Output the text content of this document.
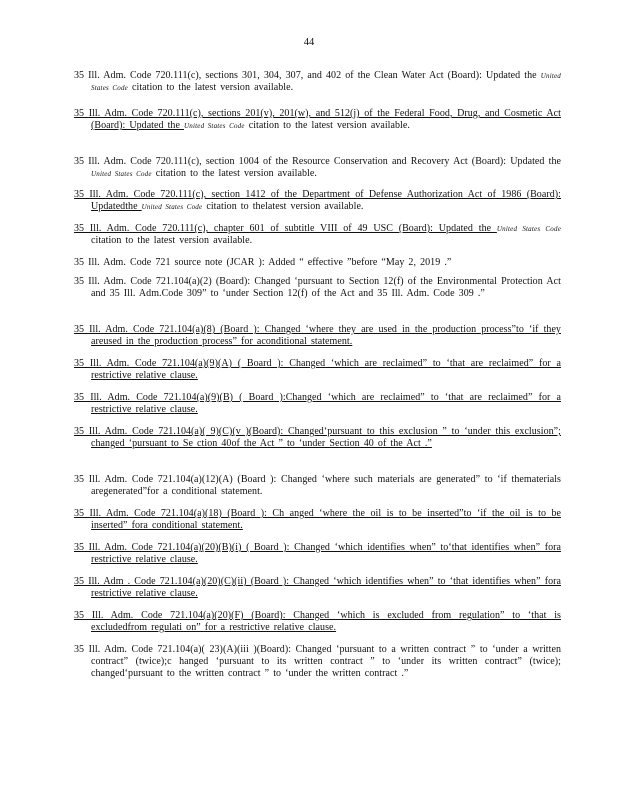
44
35 Ill. Adm. Code 720.111(c), sections 301, 304, 307, and 402 of the Clean Water Act (Board): Updated the United States Code citation to the latest version available.
35 Ill. Adm. Code 720.111(c), sections 201(v), 201(w), and 512(j) of the Federal Food, Drug, and Cosmetic Act (Board): Updated the United States Code citation to the latest version available.
35 Ill. Adm. Code 720.111(c), section 1004 of the Resource Conservation and Recovery Act (Board): Updated the United States Code citation to the latest version available.
35 Ill. Adm. Code 720.111(c), section 1412 of the Department of Defense Authorization Act of 1986 (Board): Updatedthe United States Code citation to thelatest version available.
35 Ill. Adm. Code 720.111(c), chapter 601 of subtitle VIII of 49 USC (Board): Updated the United States Code citation to the latest version available.
35 Ill. Adm. Code 721 source note (JCAR ): Added “ effective ”before “May 2, 2019 .”
35 Ill. Adm. Code 721.104(a)(2) (Board): Changed ‘pursuant to Section 12(f) of the Environmental Protection Act and 35 Ill. Adm.Code 309” to ‘under Section 12(f) of the Act and 35 Ill. Adm. Code 309 .”
35 Ill. Adm. Code 721.104(a)(8) (Board ): Changed ‘where they are used in the production process”to ‘if they areused in the production process” for aconditional statement.
35 Ill. Adm. Code 721.104(a)(9)(A) ( Board ): Changed ‘which are reclaimed” to ‘that are reclaimed” for a restrictive relative clause.
35 Ill. Adm. Code 721.104(a)(9)(B) ( Board ):Changed ‘which are reclaimed” to ‘that are reclaimed” for a restrictive relative clause.
35 Ill. Adm. Code 721.104(a)( 9)(C)(v )(Board): Changed‘pursuant to this exclusion ” to ‘under this exclusion”; changed ‘pursuant to Se ction 40of the Act ” to ‘under Section 40 of the Act .”
35 Ill. Adm. Code 721.104(a)(12)(A) (Board ): Changed ‘where such materials are generated” to ‘if thematerials aregenerated”for a conditional statement.
35 Ill. Adm. Code 721.104(a)(18) (Board ): Ch anged ‘where the oil is to be inserted”to ‘if the oil is to be inserted” fora conditional statement.
35 Ill. Adm. Code 721.104(a)(20)(B)(i) ( Board ): Changed ‘which identifies when” to‘that identifies when” fora restrictive relative clause.
35 Ill. Adm . Code 721.104(a)(20)(C)(ii) (Board ): Changed ‘which identifies when” to ‘that identifies when” fora restrictive relative clause.
35 Ill. Adm. Code 721.104(a)(20)(F) (Board): Changed ‘which is excluded from regulation” to ‘that is excludedfrom regulati on” for a restrictive relative clause.
35 Ill. Adm. Code 721.104(a)( 23)(A)(iii )(Board): Changed ‘pursuant to a written contract ” to ‘under a written contract” (twice);c hanged ‘pursuant to its written contract ” to ‘under its written contract” (twice); changed‘pursuant to the written contract ” to ‘under the written contract .”
